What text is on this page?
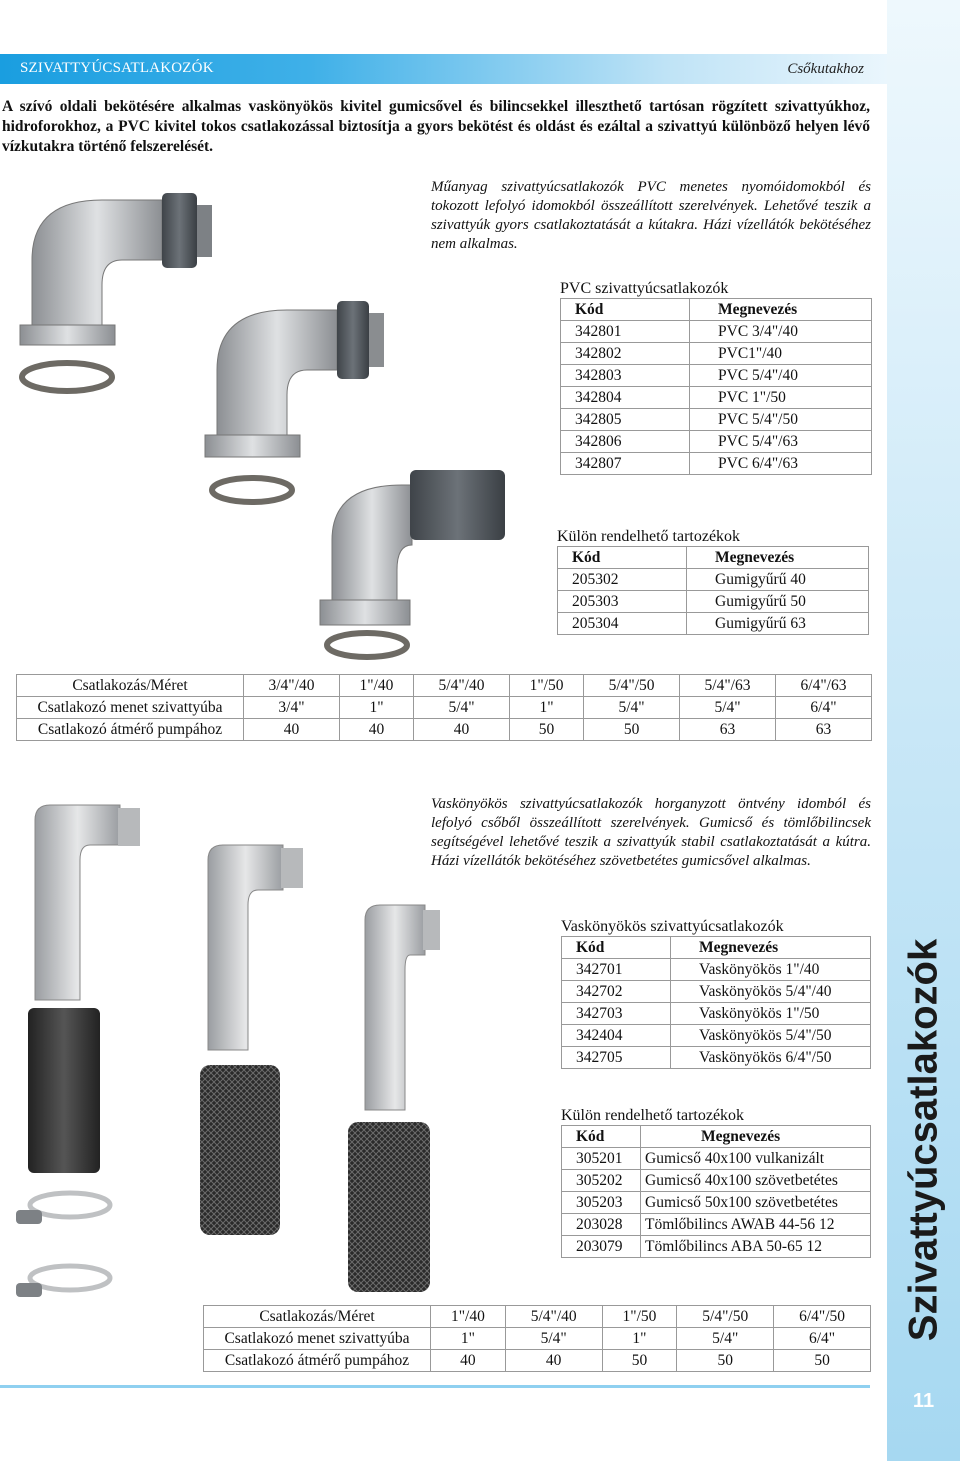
SZIVATTYÚCSATLAKOZÓK	Csőkutakhoz
Szivattyúcsatlakozók
11
A szívó oldali bekötésére alkalmas vaskönyökös kivitel gumicsővel és bilincsekkel illeszthető tartósan rögzített szivattyúkhoz, hidroforokhoz, a PVC kivitel tokos csatlakozással biztosítja a gyors bekötést és oldást és ezáltal a szivattyú különböző helyen lévő vízkutakra történő felszerelését.
Műanyag szivattyúcsatlakozók PVC menetes nyomóidomokból és tokozott lefolyó idomokból összeállított szerelvények. Lehetővé teszik a szivattyúk gyors csatlakoztatását a kútakra. Házi vízellátók bekötéséhez nem alkalmas.
PVC szivattyúcsatlakozók
Kód	Megnevezés
342801	PVC 3/4"/40
342802	PVC1"/40
342803	PVC 5/4"/40
342804	PVC 1"/50
342805	PVC 5/4"/50
342806	PVC 5/4"/63
342807	PVC 6/4"/63
Külön rendelhető tartozékok
Kód	Megnevezés
205302	Gumigyűrű 40
205303	Gumigyűrű 50
205304	Gumigyűrű 63
Csatlakozás/Méret	3/4"/40	1"/40	5/4"/40	1"/50	5/4"/50	5/4"/63	6/4"/63
Csatlakozó menet szivattyúba	3/4"	1"	5/4"	1"	5/4"	5/4"	6/4"
Csatlakozó átmérő pumpához	40	40	40	50	50	63	63
Vaskönyökös szivattyúcsatlakozók horganyzott öntvény idomból és lefolyó csőből összeállított szerelvények. Gumicső és tömlőbilincsek segítségével lehetővé teszik a szivattyúk stabil csatlakoztatását a kútra. Házi vízellátók bekötéséhez szövetbetétes gumicsővel alkalmas.
Vaskönyökös szivattyúcsatlakozók
Kód	Megnevezés
342701	Vaskönyökös 1"/40
342702	Vaskönyökös 5/4"/40
342703	Vaskönyökös 1"/50
342404	Vaskönyökös 5/4"/50
342705	Vaskönyökös 6/4"/50
Külön rendelhető tartozékok
Kód	Megnevezés
305201	Gumicső 40x100 vulkanizált
305202	Gumicső 40x100 szövetbetétes
305203	Gumicső 50x100 szövetbetétes
203028	Tömlőbilincs AWAB 44-56 12
203079	Tömlőbilincs ABA 50-65 12
Csatlakozás/Méret	1"/40	5/4"/40	1"/50	5/4"/50	6/4"/50
Csatlakozó menet szivattyúba	1"	5/4"	1"	5/4"	6/4"
Csatlakozó átmérő pumpához	40	40	50	50	50
